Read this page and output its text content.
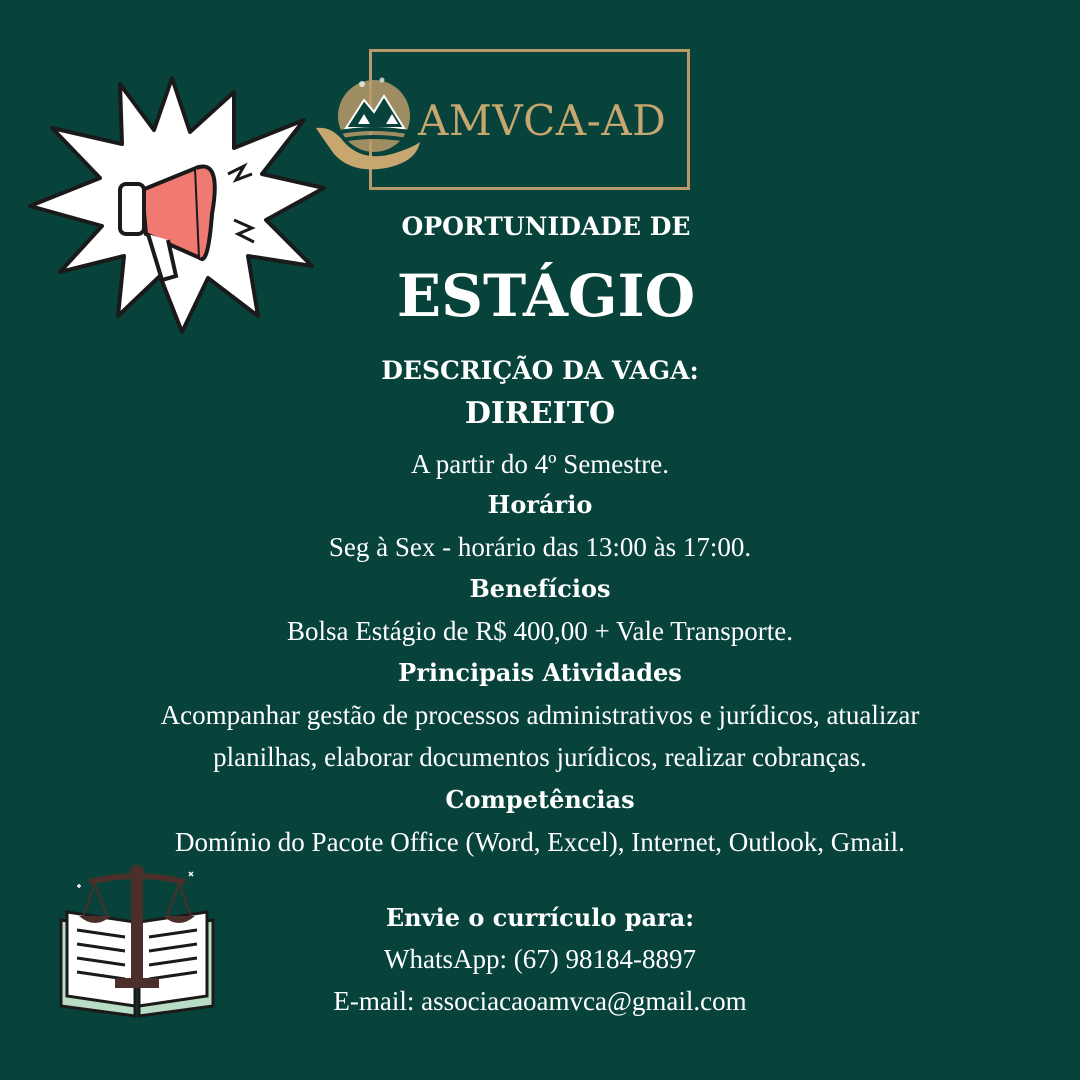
AMVCA-AD
OPORTUNIDADE DE
ESTÁGIO
DESCRIÇÃO DA VAGA:
DIREITO
A partir do 4º Semestre.
Horário
Seg à Sex - horário das 13:00 às 17:00.
Benefícios
Bolsa Estágio de R$ 400,00 + Vale Transporte.
Principais Atividades
Acompanhar gestão de processos administrativos e jurídicos, atualizar
planilhas, elaborar documentos jurídicos, realizar cobranças.
Competências
Domínio do Pacote Office (Word, Excel), Internet, Outlook, Gmail.
Envie o currículo para:
WhatsApp: (67) 98184-8897
E-mail: associacaoamvca@gmail.com
